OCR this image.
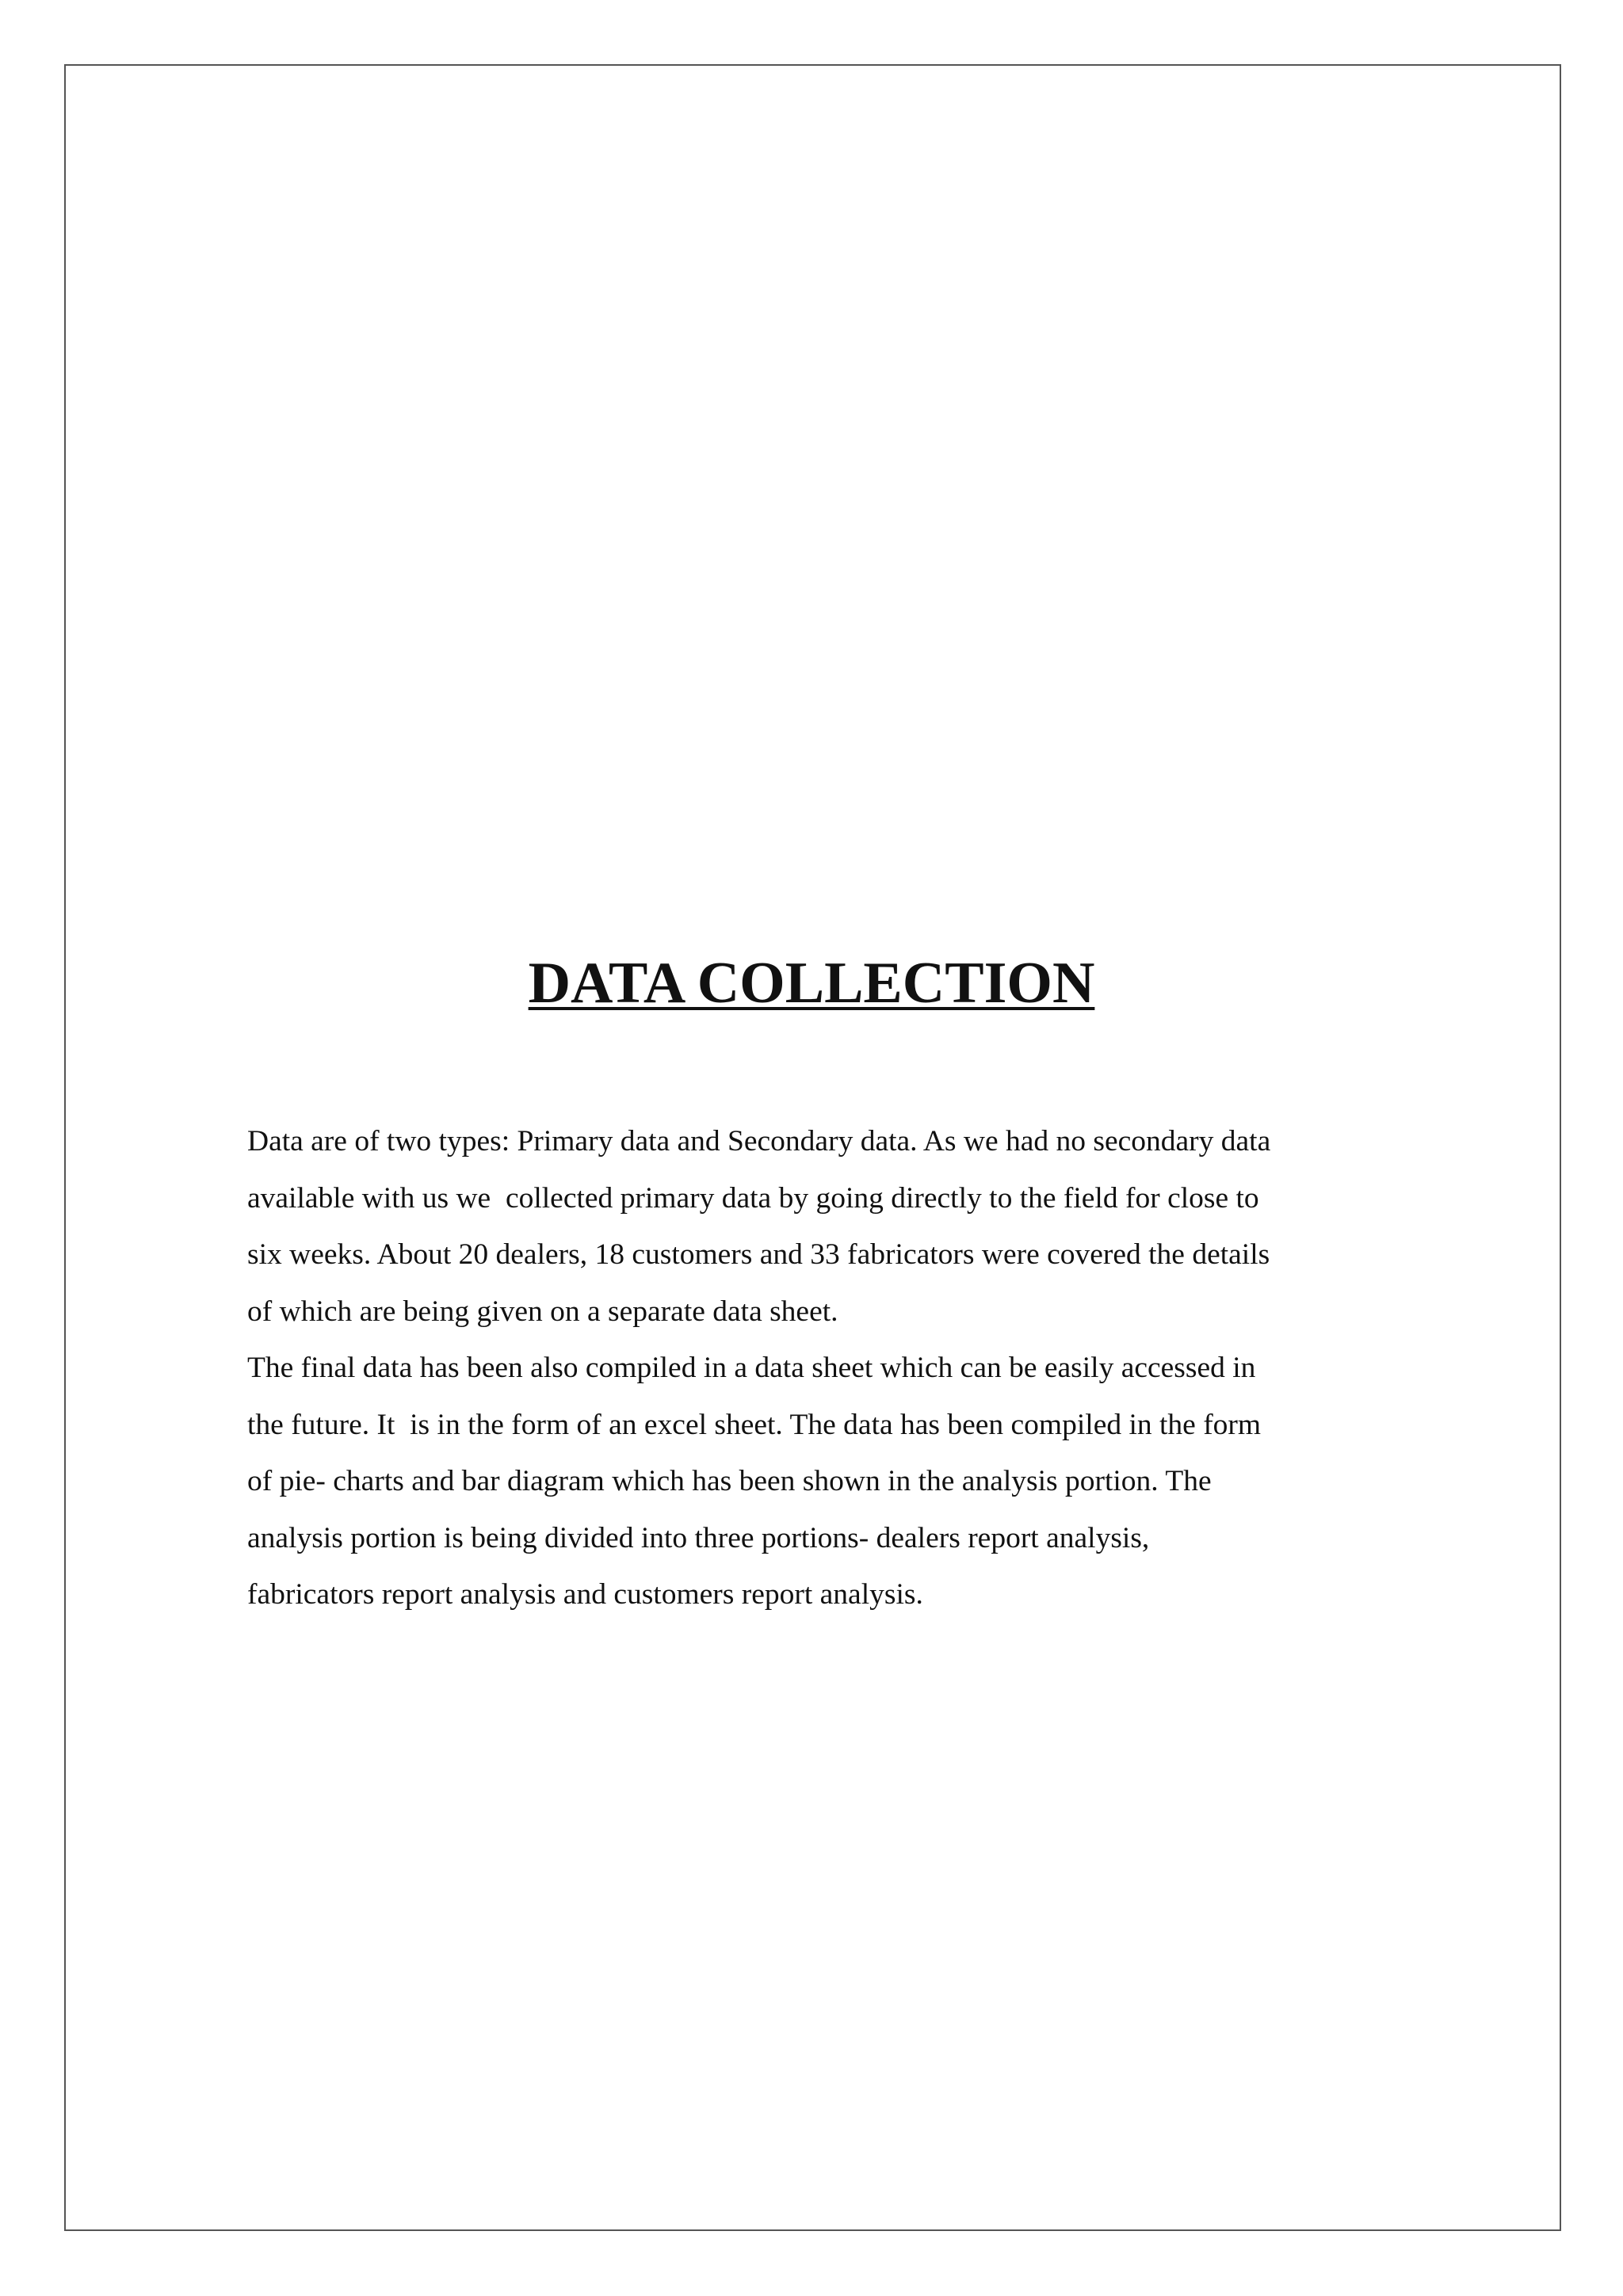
DATA COLLECTION
Data are of two types: Primary data and Secondary data. As we had no secondary data
available with us we  collected primary data by going directly to the field for close to
six weeks. About 20 dealers, 18 customers and 33 fabricators were covered the details
of which are being given on a separate data sheet.
The final data has been also compiled in a data sheet which can be easily accessed in
the future. It  is in the form of an excel sheet. The data has been compiled in the form
of pie- charts and bar diagram which has been shown in the analysis portion. The
analysis portion is being divided into three portions- dealers report analysis,
fabricators report analysis and customers report analysis.
